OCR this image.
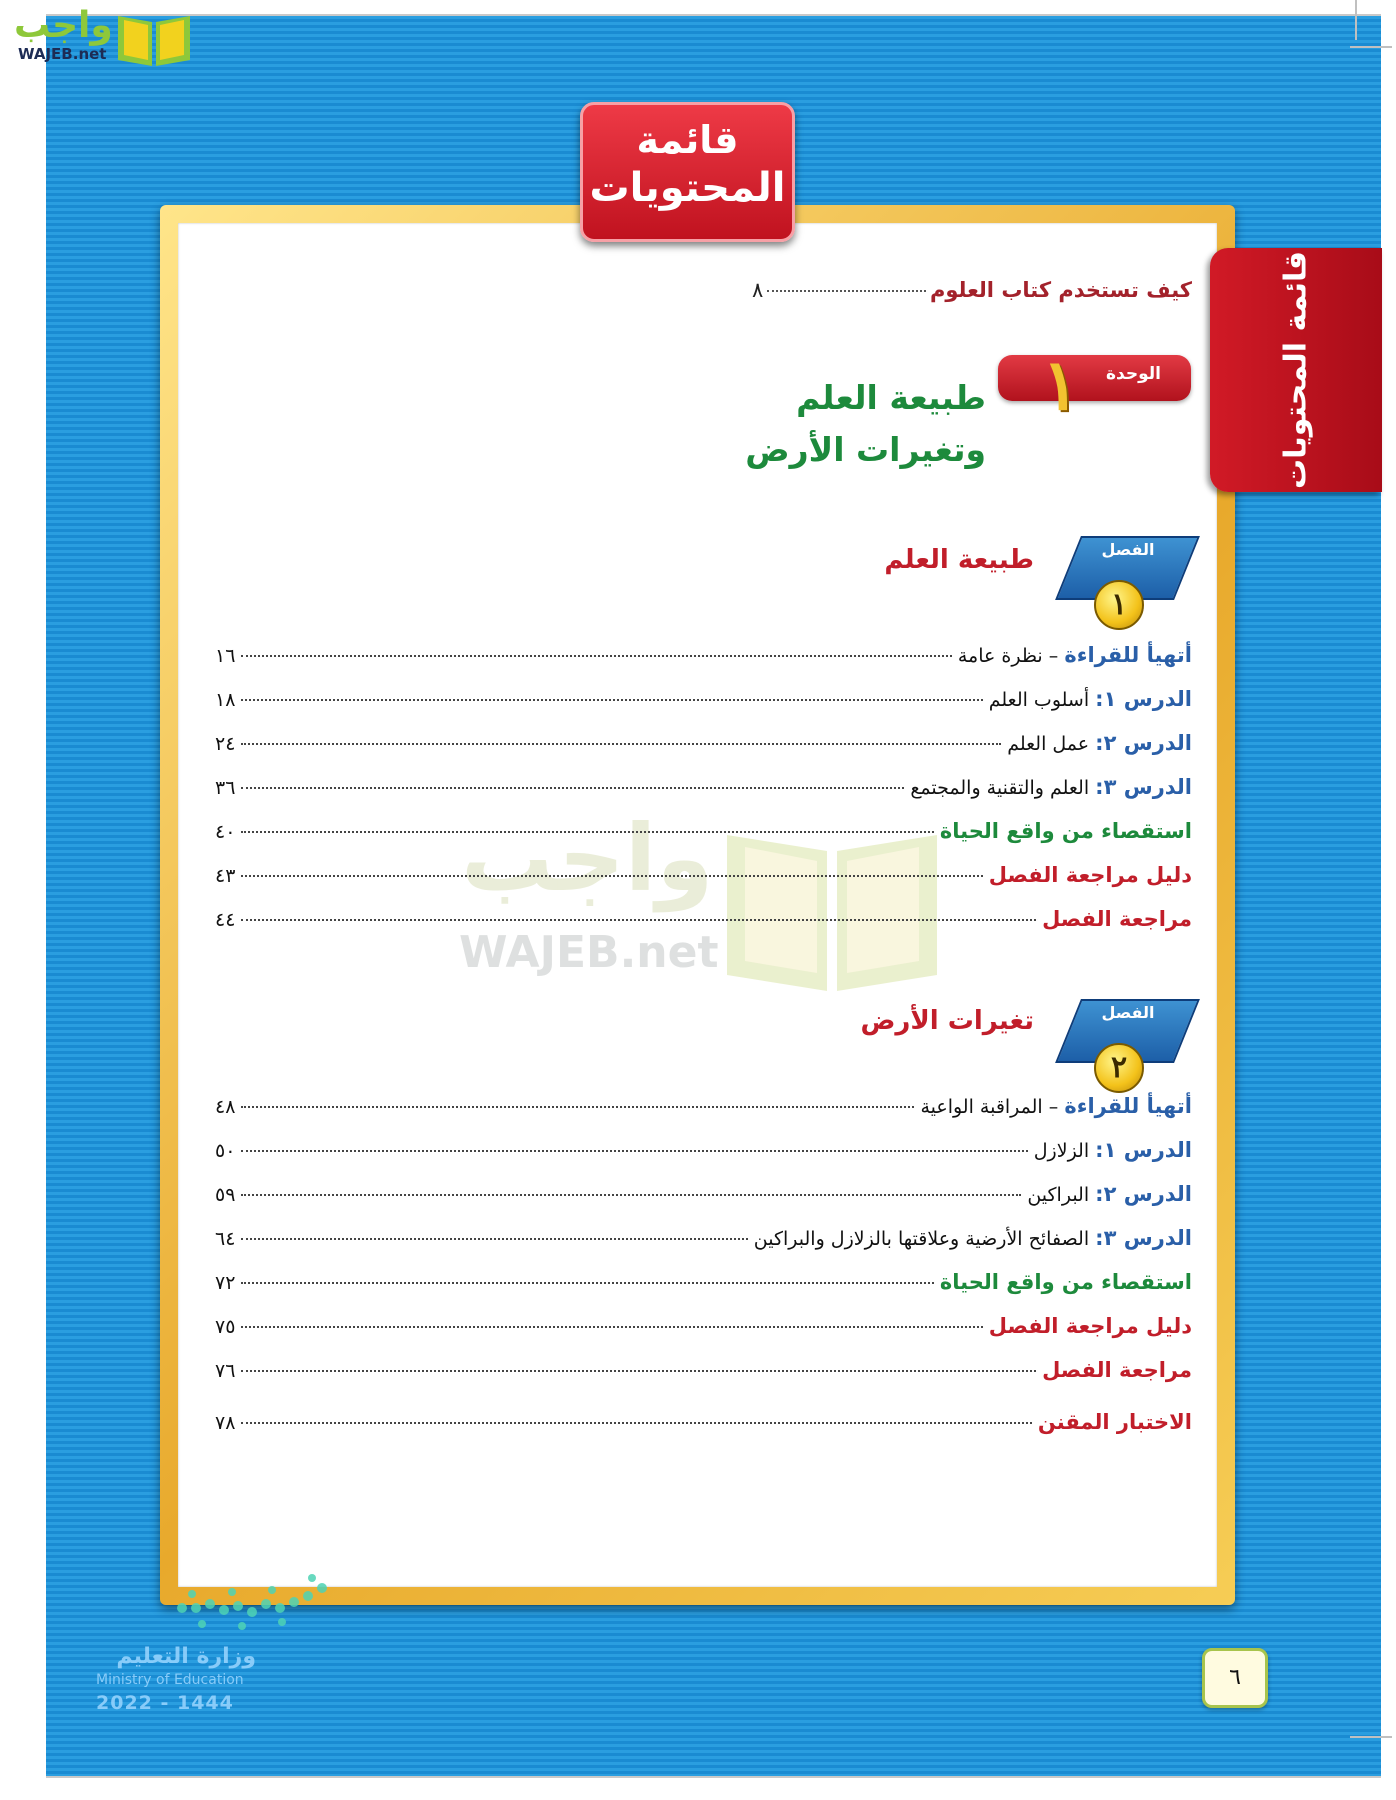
واجب
WAJEB.net
واجب
WAJEB.net
قائمة
المحتويات
قائمة المحتويات
كيف تستخدم كتاب العلوم
٨
الوحدة
١
طبيعة العلم وتغيرات الأرض
الفصل
١
طبيعة العلم
أتهيأ للقراءة
–
نظرة عامة
١٦
الدرس ١:

أسلوب العلم
١٨
الدرس ٢:

عمل العلم
٢٤
الدرس ٣:

العلم والتقنية والمجتمع
٣٦
استقصاء من واقع الحياة
٤٠
دليل مراجعة الفصل
٤٣
مراجعة الفصل
٤٤
الفصل
٢
تغيرات الأرض
أتهيأ للقراءة
–
المراقبة الواعية
٤٨
الدرس ١:

الزلازل
٥٠
الدرس ٢:

البراكين
٥٩
الدرس ٣:

الصفائح الأرضية وعلاقتها بالزلازل والبراكين
٦٤
استقصاء من واقع الحياة
٧٢
دليل مراجعة الفصل
٧٥
مراجعة الفصل
٧٦
الاختبار المقنن
٧٨
وزارة التعليم
Ministry of Education
2022 - 1444
٦
